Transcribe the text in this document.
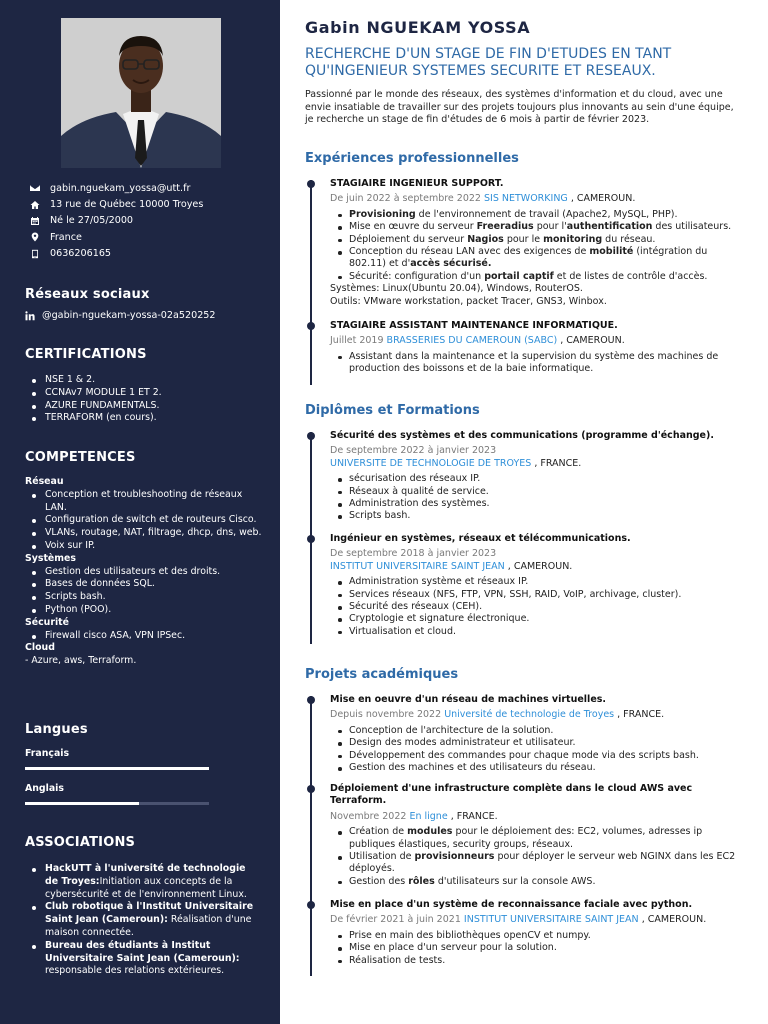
gabin.nguekam_yossa@utt.fr
13 rue de Québec 10000 Troyes
Né le 27/05/2000
France
0636206165
Réseaux sociaux
@gabin-nguekam-yossa-02a520252
CERTIFICATIONS
NSE 1 & 2.
CCNAv7 MODULE 1 ET 2.
AZURE FUNDAMENTALS.
TERRAFORM (en cours).
COMPETENCES
Réseau
Conception et troubleshooting de réseaux LAN.
Configuration de switch et de routeurs Cisco.
VLANs, routage, NAT, filtrage, dhcp, dns, web.
Voix sur IP.
Systèmes
Gestion des utilisateurs et des droits.
Bases de données SQL.
Scripts bash.
Python (POO).
Sécurité
Firewall cisco ASA, VPN IPSec.
Cloud
- Azure, aws, Terraform.
Langues
Français
Anglais
ASSOCIATIONS
HackUTT à l'université de technologie de Troyes:Initiation aux concepts de la cybersécurité et de l'environnement Linux.
Club robotique à l'Institut Universitaire Saint Jean (Cameroun): Réalisation d'une maison connectée.
Bureau des étudiants à Institut Universitaire Saint Jean (Cameroun): responsable des relations extérieures.
Gabin NGUEKAM YOSSA
RECHERCHE D'UN STAGE DE FIN D'ETUDES EN TANT QU'INGENIEUR SYSTEMES SECURITE ET RESEAUX.
Passionné par le monde des réseaux, des systèmes d'information et du cloud, avec une envie insatiable de travailler sur des projets toujours plus innovants au sein d'une équipe, je recherche un stage de fin d'études de 6 mois à partir de février 2023.
Expériences professionnelles
STAGIAIRE INGENIEUR SUPPORT.
De juin 2022 à septembre 2022 SIS NETWORKING , CAMEROUN.
Provisioning de l'environnement de travail (Apache2, MySQL, PHP).
Mise en œuvre du serveur Freeradius pour l'authentification des utilisateurs.
Déploiement du serveur Nagios pour le monitoring du réseau.
Conception du réseau LAN avec des exigences de mobilité (intégration du 802.11) et d'accès sécurisé.
Sécurité: configuration d'un portail captif et de listes de contrôle d'accès.
Systèmes: Linux(Ubuntu 20.04), Windows, RouterOS.
Outils: VMware workstation, packet Tracer, GNS3, Winbox.
STAGIAIRE ASSISTANT MAINTENANCE INFORMATIQUE.
Juillet 2019 BRASSERIES DU CAMEROUN (SABC) , CAMEROUN.
Assistant dans la maintenance et la supervision du système des machines de production des boissons et de la baie informatique.
Diplômes et Formations
Sécurité des systèmes et des communications (programme d'échange).
De septembre 2022 à janvier 2023
UNIVERSITE DE TECHNOLOGIE DE TROYES , FRANCE.
sécurisation des réseaux IP.
Réseaux à qualité de service.
Administration des systèmes.
Scripts bash.
Ingénieur en systèmes, réseaux et télécommunications.
De septembre 2018 à janvier 2023
INSTITUT UNIVERSITAIRE SAINT JEAN , CAMEROUN.
Administration système et réseaux IP.
Services réseaux (NFS, FTP, VPN, SSH, RAID, VoIP, archivage, cluster).
Sécurité des réseaux (CEH).
Cryptologie et signature électronique.
Virtualisation et cloud.
Projets académiques
Mise en oeuvre d'un réseau de machines virtuelles.
Depuis novembre 2022 Université de technologie de Troyes , FRANCE.
Conception de l'architecture de la solution.
Design des modes administrateur et utilisateur.
Développement des commandes pour chaque mode via des scripts bash.
Gestion des machines et des utilisateurs du réseau.
Déploiement d'une infrastructure complète dans le cloud AWS avec Terraform.
Novembre 2022 En ligne , FRANCE.
Création de modules pour le déploiement des: EC2, volumes, adresses ip publiques élastiques, security groups, réseaux.
Utilisation de provisionneurs pour déployer le serveur web NGINX dans les EC2 déployés.
Gestion des rôles d'utilisateurs sur la console AWS.
Mise en place d'un système de reconnaissance faciale avec python.
De février 2021 à juin 2021 INSTITUT UNIVERSITAIRE SAINT JEAN , CAMEROUN.
Prise en main des bibliothèques openCV et numpy.
Mise en place d'un serveur pour la solution.
Réalisation de tests.
